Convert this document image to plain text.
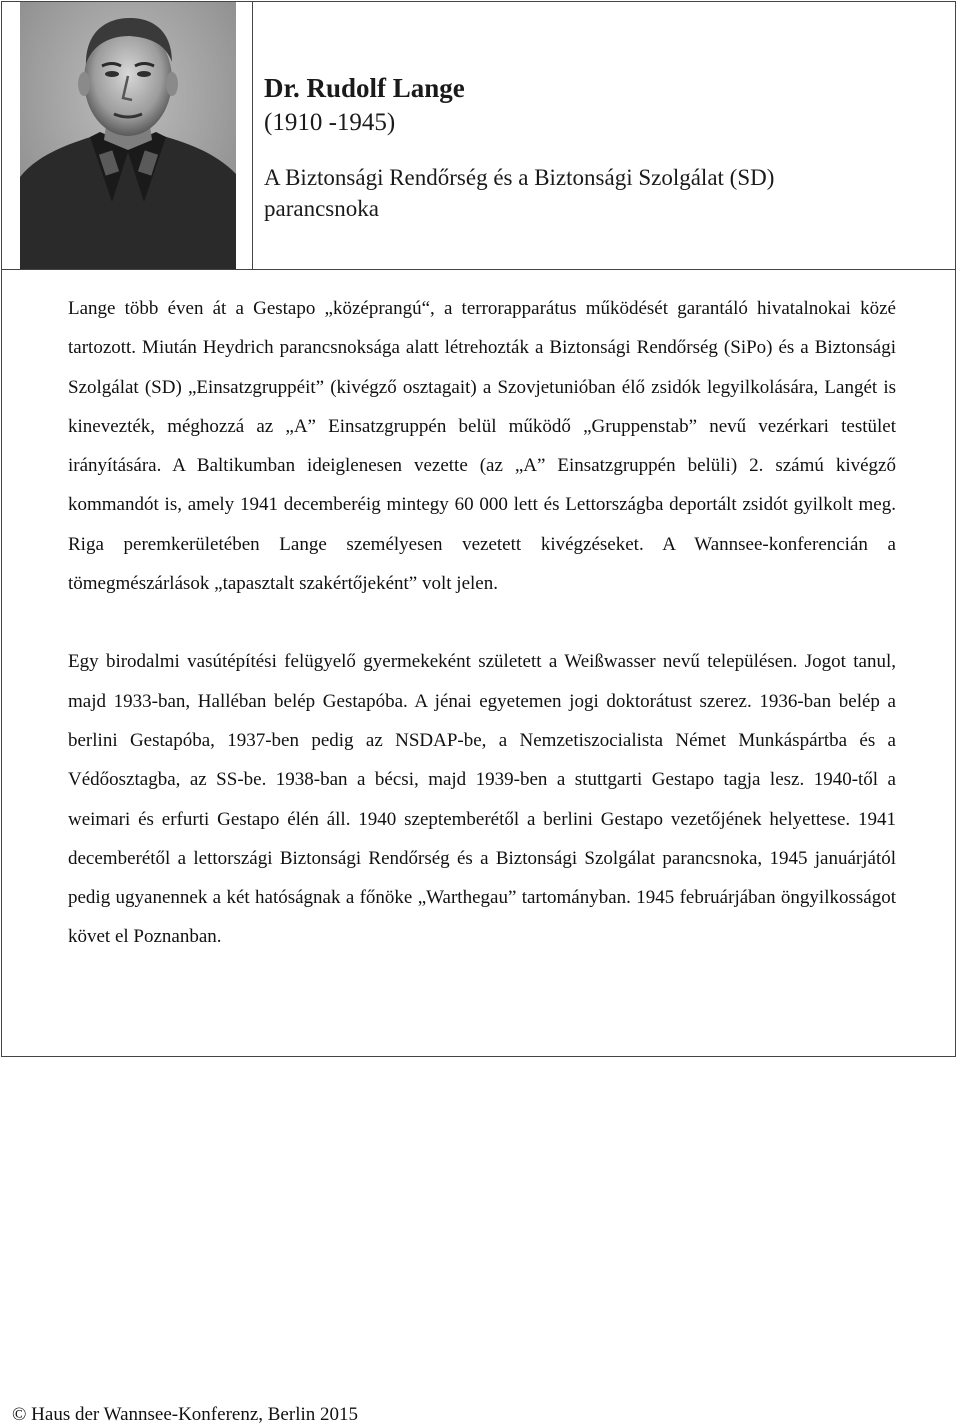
Dr. Rudolf Lange

(1910 -1945)

A Biztonsági Rendőrség és a Biztonsági Szolgálat (SD) parancsnoka

Lange több éven át a Gestapo „középrangú“, a terrorapparátus működését garantáló hivatalnokai közé tartozott. Miután Heydrich parancsnoksága alatt létrehozták a Biztonsági Rendőrség (SiPo) és a Biztonsági Szolgálat (SD) „Einsatzgruppéit” (kivégző osztagait) a Szovjetunióban élő zsidók legyilkolására, Langét is kinevezték, méghozzá az „A” Einsatzgruppén belül működő „Gruppenstab” nevű vezérkari testület irányítására. A Baltikumban ideiglenesen vezette (az „A” Einsatzgruppén belüli) 2. számú kivégző kommandót is, amely 1941 decemberéig mintegy 60 000 lett és Lettországba deportált zsidót gyilkolt meg. Riga peremkerületében Lange személyesen vezetett kivégzéseket. A Wannsee-konferencián a tömegmészárlások „tapasztalt szakértőjeként” volt jelen.

Egy birodalmi vasútépítési felügyelő gyermekeként született a Weißwasser nevű településen. Jogot tanul, majd 1933-ban, Halléban belép Gestapóba. A jénai egyetemen jogi doktorátust szerez. 1936-ban belép a berlini Gestapóba, 1937-ben pedig az NSDAP-be, a Nemzetiszocialista Német Munkáspártba és a Védőosztagba, az SS-be. 1938-ban a bécsi, majd 1939-ben a stuttgarti Gestapo tagja lesz. 1940-től a weimari és erfurti Gestapo élén áll. 1940 szeptemberétől a berlini Gestapo vezetőjének helyettese. 1941 decemberétől a lettországi Biztonsági Rendőrség és a Biztonsági Szolgálat parancsnoka, 1945 januárjától pedig ugyanennek a két hatóságnak a főnöke „Warthegau” tartományban. 1945 februárjában öngyilkosságot követ el Poznanban.

© Haus der Wannsee-Konferenz, Berlin 2015
